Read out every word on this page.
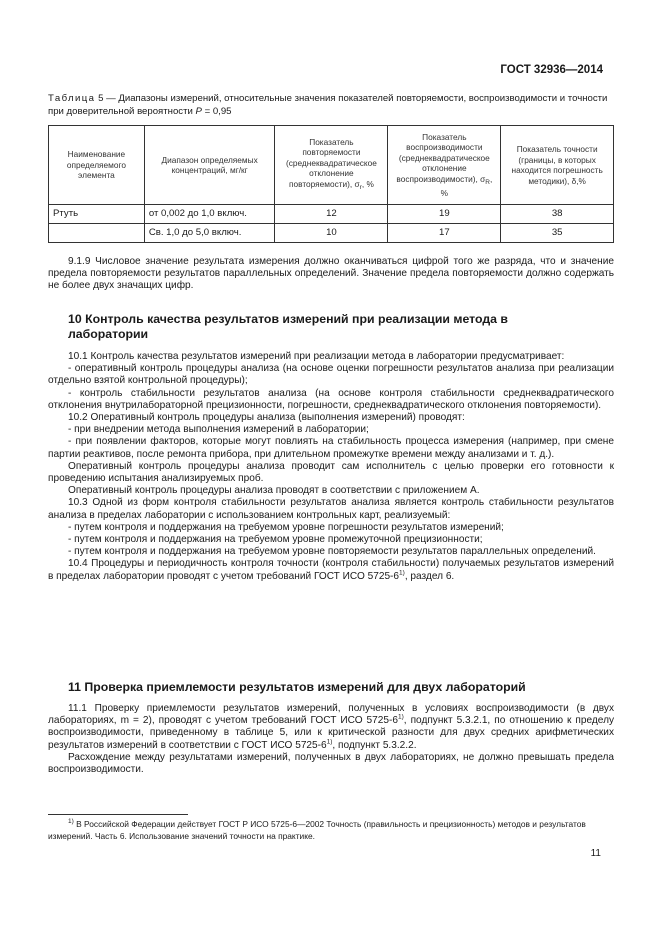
ГОСТ 32936—2014
Таблица 5 — Диапазоны измерений, относительные значения показателей повторяемости, воспроизводимости и точности при доверительной вероятности P = 0,95
Наименование определяемого элемента	Диапазон определяемых концентраций, мг/кг	Показатель повторяемости (среднеквадратическое отклонение повторяемости), $\sigma_r$, %	Показатель воспроизводимости (среднеквадратическое отклонение воспроизводимости), $\sigma_R$, %	Показатель точности (границы, в которых находится погрешность методики), δ,%
Ртуть	от 0,002 до 1,0 включ.	12	19	38
	Св. 1,0 до 5,0 включ.	10	17	35

9.1.9 Числовое значение результата измерения должно оканчиваться цифрой того же разряда, что и значение предела повторяемости результатов параллельных определений. Значение предела повторяемости должно содержать не более двух значащих цифр.

10 Контроль качества результатов измерений при реализации метода в лаборатории

10.1 Контроль качества результатов измерений при реализации метода в лаборатории предусматривает:

- оперативный контроль процедуры анализа (на основе оценки погрешности результатов анализа при реализации отдельно взятой контрольной процедуры);

- контроль стабильности результатов анализа (на основе контроля стабильности среднеквадратического отклонения внутрилабораторной прецизионности, погрешности, среднеквадратического отклонения повторяемости).

10.2 Оперативный контроль процедуры анализа (выполнения измерений) проводят:

- при внедрении метода выполнения измерений в лаборатории;

- при появлении факторов, которые могут повлиять на стабильность процесса измерения (например, при смене партии реактивов, после ремонта прибора, при длительном промежутке времени между анализами и т. д.).

Оперативный контроль процедуры анализа проводит сам исполнитель с целью проверки его готовности к проведению испытания анализируемых проб.

Оперативный контроль процедуры анализа проводят в соответствии с приложением А.

10.3 Одной из форм контроля стабильности результатов анализа является контроль стабильности результатов анализа в пределах лаборатории с использованием контрольных карт, реализуемый:

- путем контроля и поддержания на требуемом уровне погрешности результатов измерений;

- путем контроля и поддержания на требуемом уровне промежуточной прецизионности;

- путем контроля и поддержания на требуемом уровне повторяемости результатов параллельных определений.

10.4 Процедуры и периодичность контроля точности (контроля стабильности) получаемых результатов измерений в пределах лаборатории проводят с учетом требований ГОСТ ИСО 5725-6$^{1)}$, раздел 6.

11 Проверка приемлемости результатов измерений для двух лабораторий

11.1 Проверку приемлемости результатов измерений, полученных в условиях воспроизводимости (в двух лабораториях, m = 2), проводят с учетом требований ГОСТ ИСО 5725-6$^{1)}$, подпункт 5.3.2.1, по отношению к пределу воспроизводимости, приведенному в таблице 5, или к критической разности для двух средних арифметических результатов измерений в соответствии с ГОСТ ИСО 5725-6$^{1)}$, подпункт 5.3.2.2.

Расхождение между результатами измерений, полученных в двух лабораториях, не должно превышать предела воспроизводимости.

$^{1)}$ В Российской Федерации действует ГОСТ Р ИСО 5725-6—2002 Точность (правильность и прецизионность) методов и результатов измерений. Часть 6. Использование значений точности на практике.

11
